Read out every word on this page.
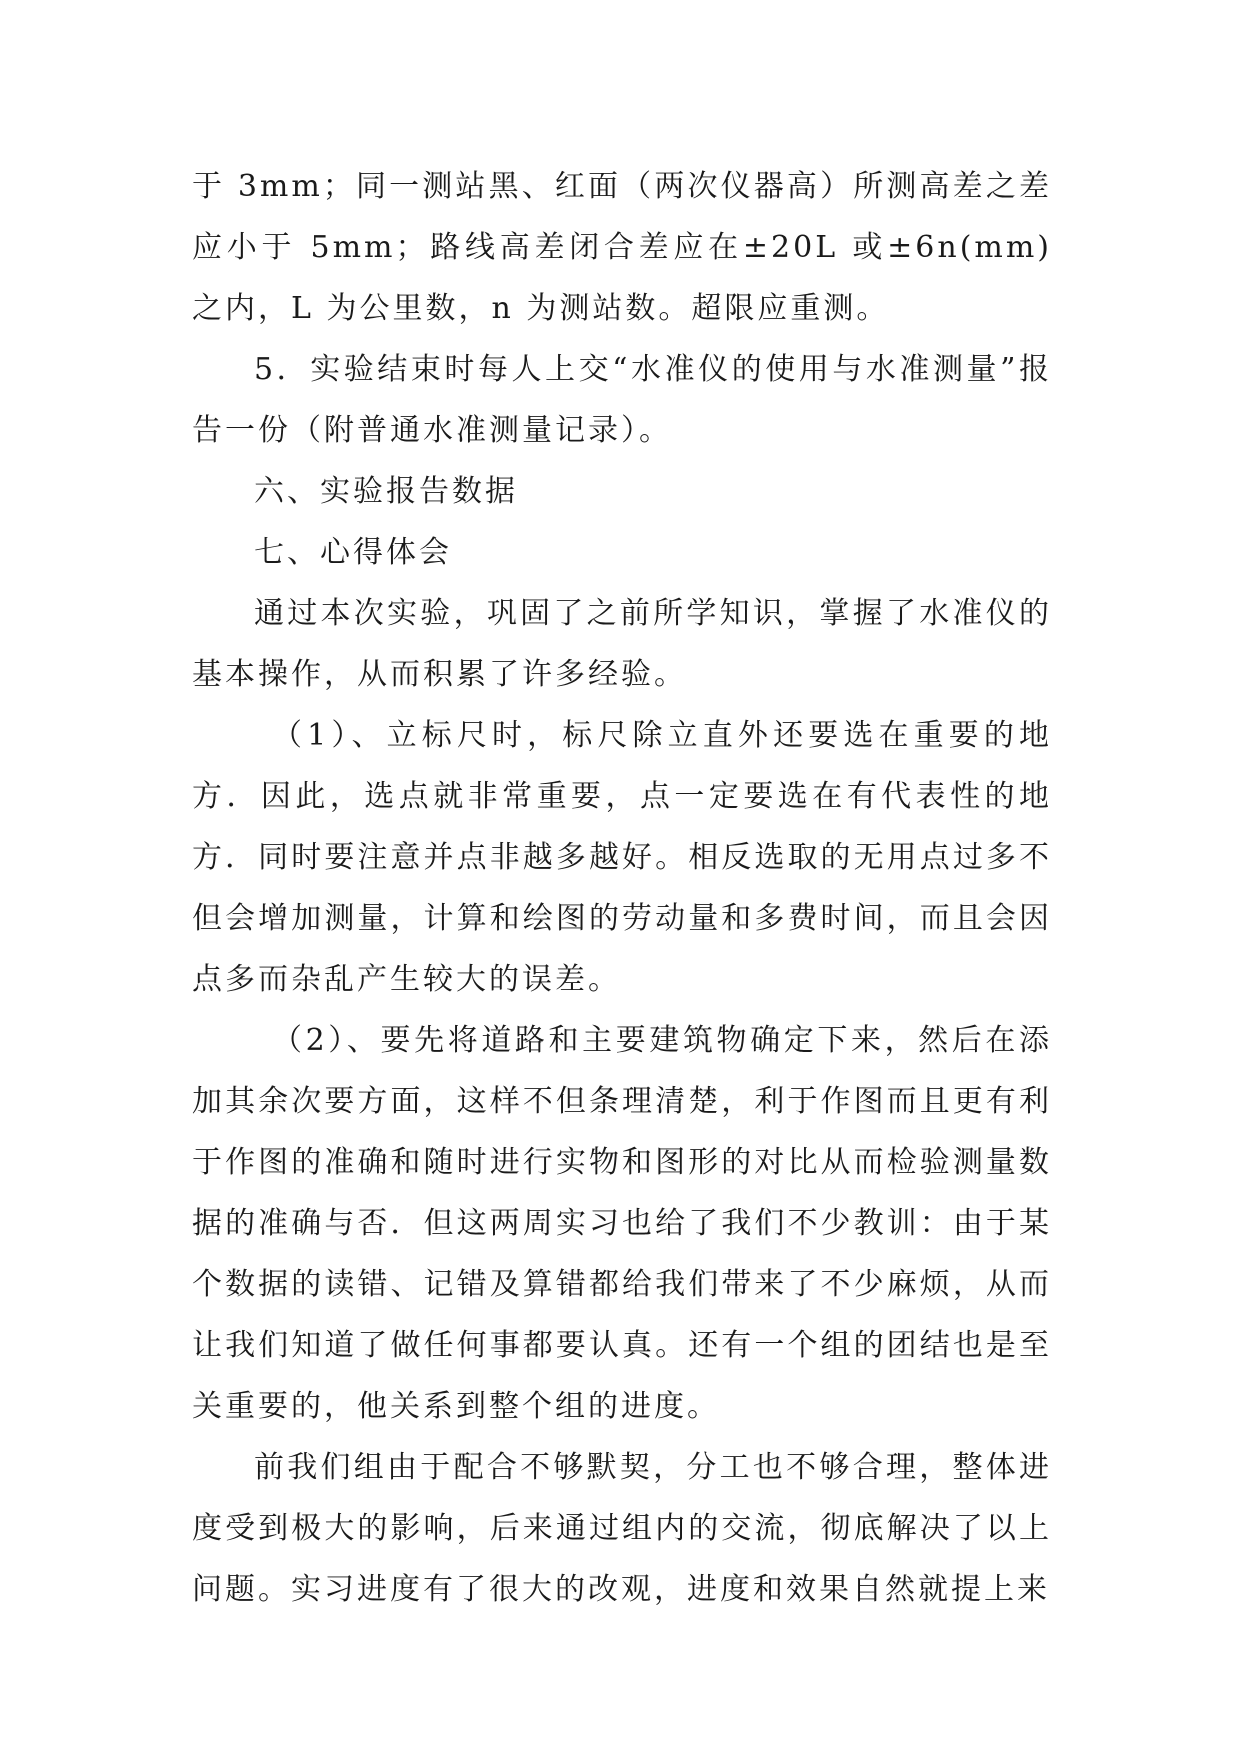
于 3mm；同一测站黑、红面（两次仪器高）所测高差之差应小于 5mm；路线高差闭合差应在±20L 或±6n(mm)之内，L 为公里数，n 为测站数。超限应重测。

5．实验结束时每人上交“水准仪的使用与水准测量”报告一份（附普通水准测量记录）。

六、实验报告数据

七、心得体会

通过本次实验，巩固了之前所学知识，掌握了水准仪的基本操作，从而积累了许多经验。

（1）、立标尺时，标尺除立直外还要选在重要的地方．因此，选点就非常重要，点一定要选在有代表性的地方．同时要注意并点非越多越好。相反选取的无用点过多不但会增加测量，计算和绘图的劳动量和多费时间，而且会因点多而杂乱产生较大的误差。

（2）、要先将道路和主要建筑物确定下来，然后在添加其余次要方面，这样不但条理清楚，利于作图而且更有利于作图的准确和随时进行实物和图形的对比从而检验测量数据的准确与否．但这两周实习也给了我们不少教训：由于某个数据的读错、记错及算错都给我们带来了不少麻烦，从而让我们知道了做任何事都要认真。还有一个组的团结也是至关重要的，他关系到整个组的进度。

前我们组由于配合不够默契，分工也不够合理，整体进度受到极大的影响，后来通过组内的交流，彻底解决了以上问题。实习进度有了很大的改观，进度和效果自然就提上来
